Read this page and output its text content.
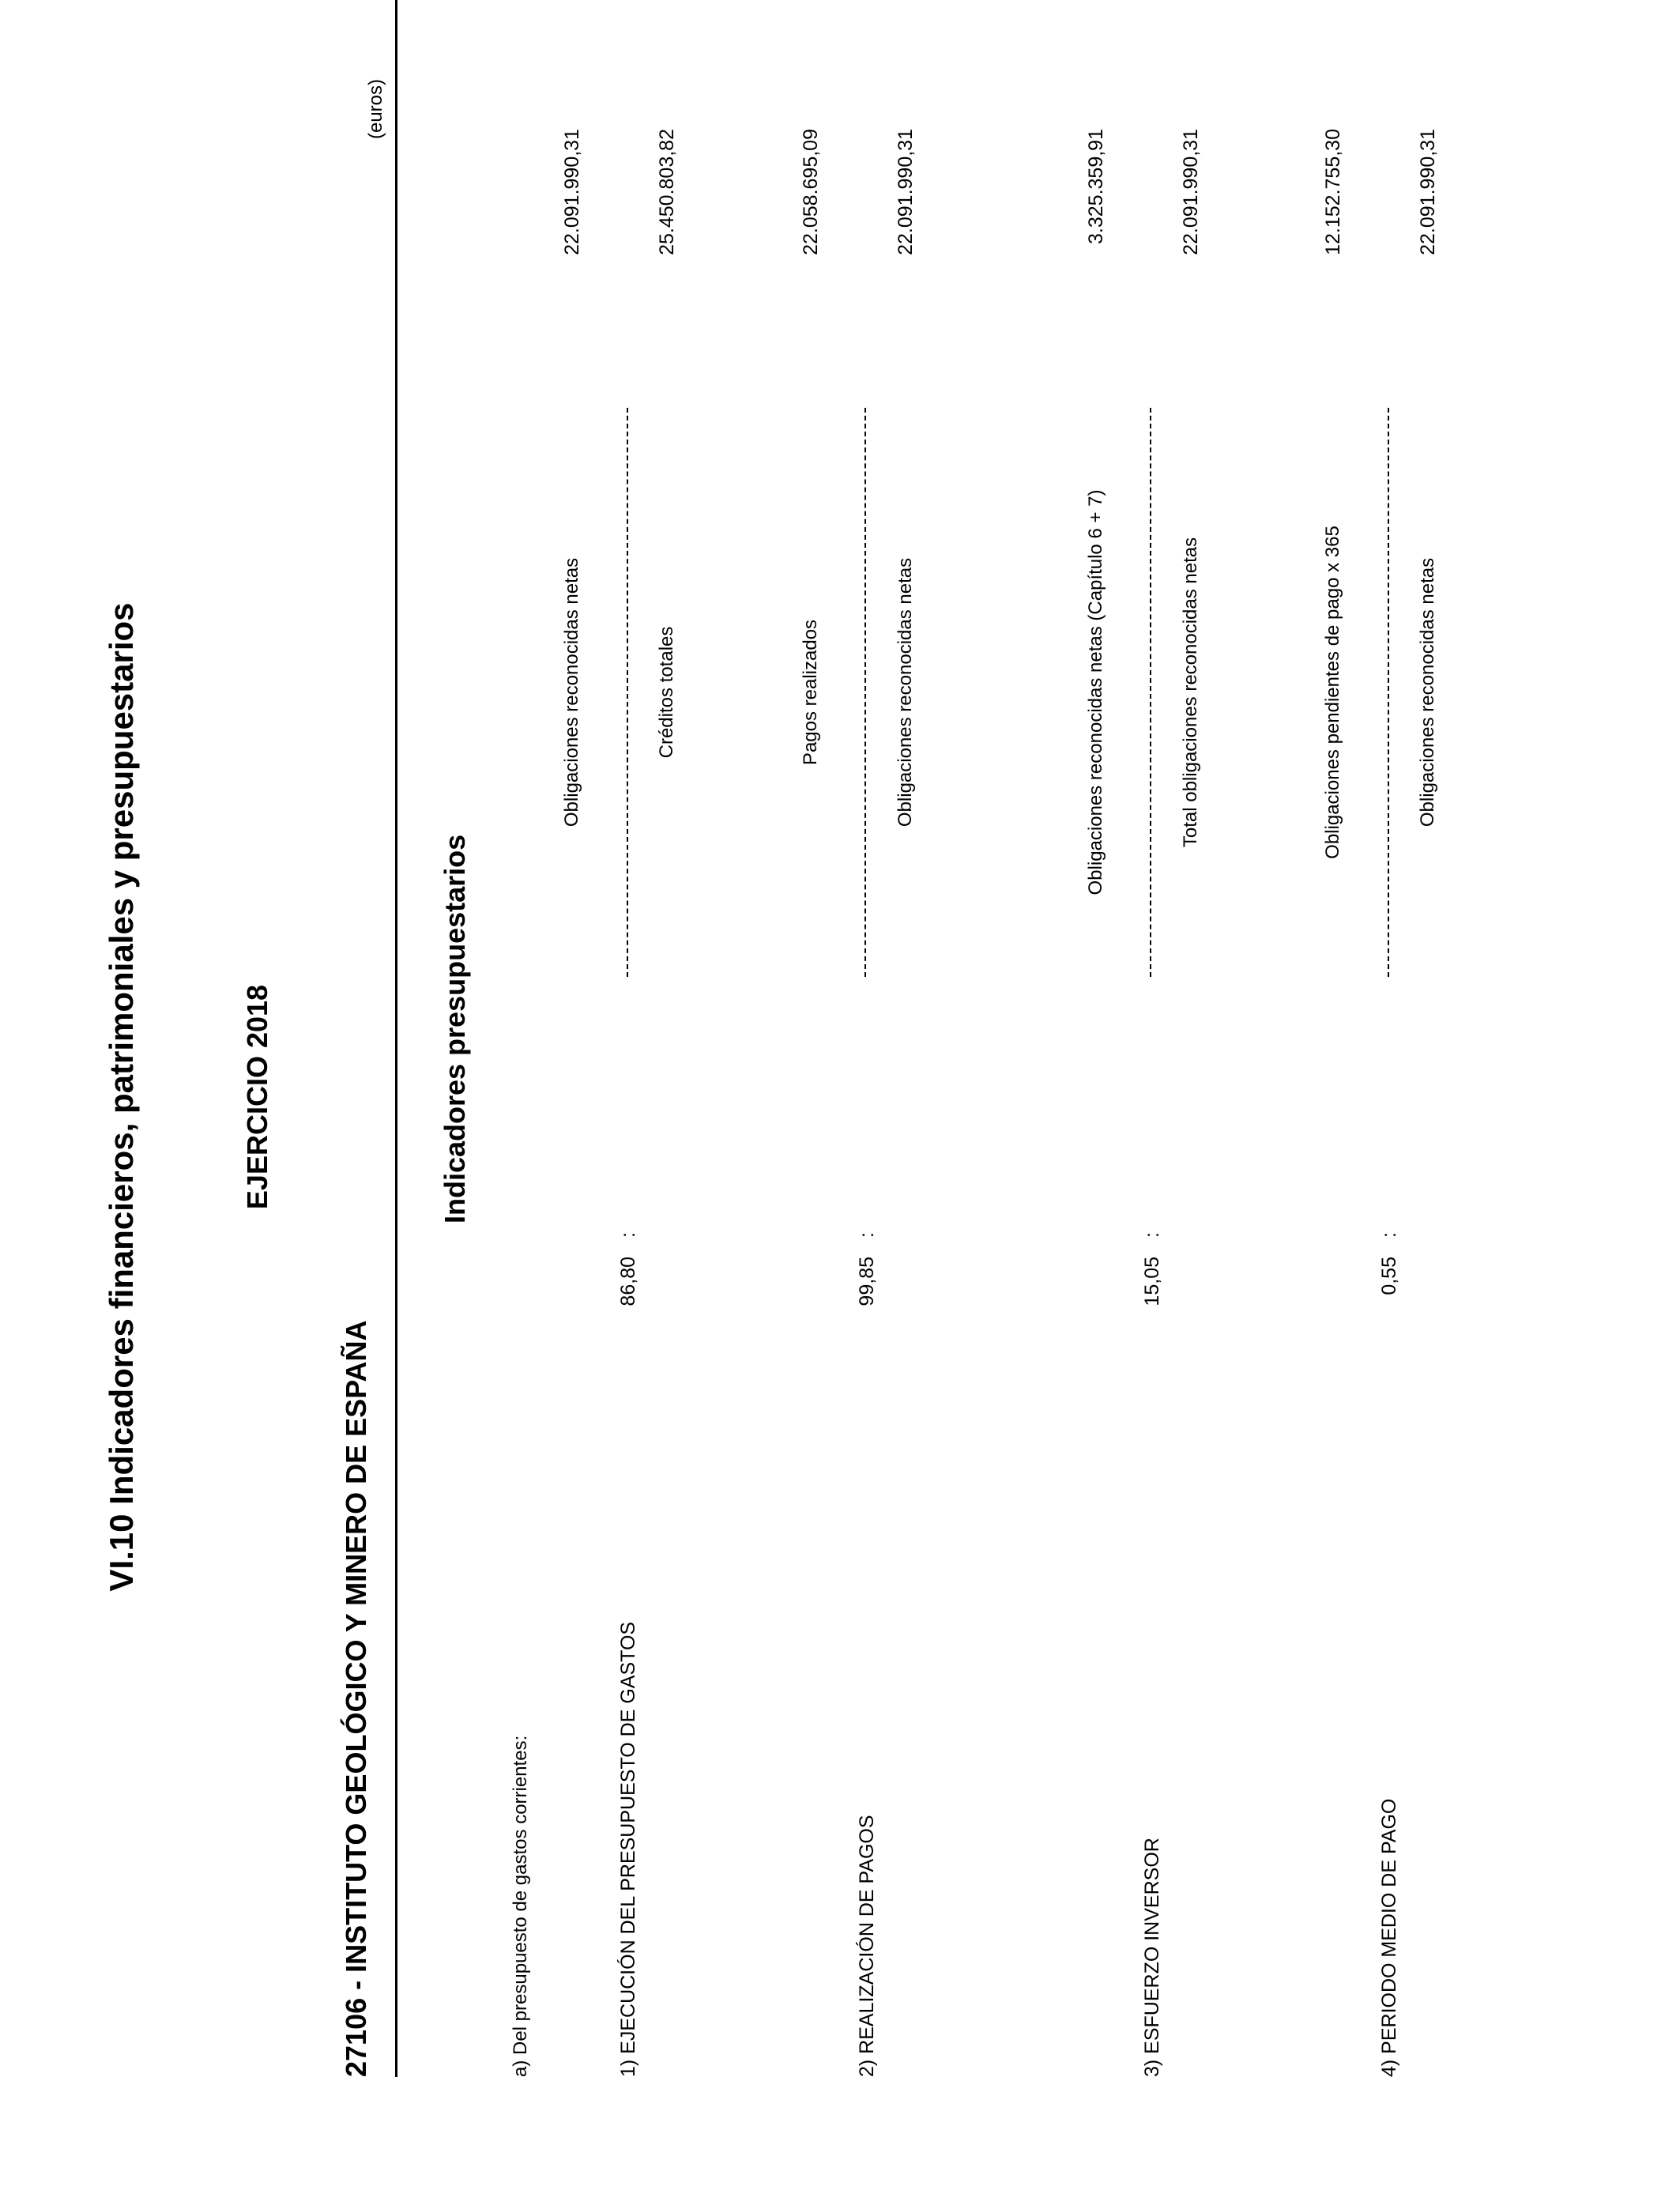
VI.10 Indicadores financieros, patrimoniales y presupuestarios	EJERCICIO 2018
27106 - INSTITUTO GEOLÓGICO Y MINERO DE ESPAÑA
Indicadores presupuestarios
(euros)
a) Del presupuesto de gastos corrientes:	1) EJECUCIÓN DEL PRESUPUESTO DE GASTOS
86,80
:
Obligaciones reconocidas netas	Créditos totales
22.091.990,31	25.450.803,82
2) REALIZACIÓN DE PAGOS
99,85
:
Pagos realizados	Obligaciones reconocidas netas
22.058.695,09	22.091.990,31
3) ESFUERZO INVERSOR
15,05
:
Obligaciones reconocidas netas (Capítulo 6 + 7)	Total obligaciones reconocidas netas
3.325.359,91	22.091.990,31
4) PERIODO MEDIO DE PAGO
0,55
:
Obligaciones pendientes de pago x 365	Obligaciones reconocidas netas
12.152.755,30	22.091.990,31
